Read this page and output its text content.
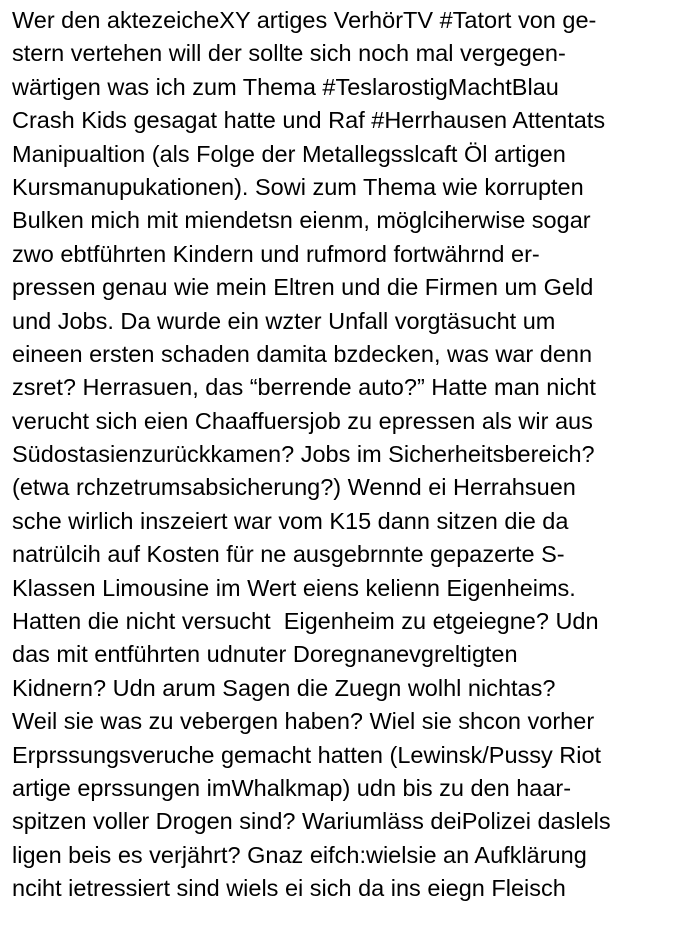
Wer den aktezeicheXY artiges VerhörTV #Tatort von ge-
stern vertehen will der sollte sich noch mal vergegen-
wärtigen was ich zum Thema #TeslarostigMachtBlau
Crash Kids gesagat hatte und Raf #Herrhausen Attentats
Manipualtion (als Folge der Metallegsslcaft Öl artigen
Kursmanupukationen). Sowi zum Thema wie korrupten
Bulken mich mit miendetsn eienm, möglciherwise sogar
zwo ebtführten Kindern und rufmord fortwährnd er-
pressen genau wie mein Eltren und die Firmen um Geld
und Jobs. Da wurde ein wzter Unfall vorgtäsucht um
eineen ersten schaden damita bzdecken, was war denn
zsret? Herrasuen, das “berrende auto?” Hatte man nicht
verucht sich eien Chaaffuersjob zu epressen als wir aus
Südostasienzurückkamen? Jobs im Sicherheitsbereich?
(etwa rchzetrumsabsicherung?) Wennd ei Herrahsuen
sche wirlich inszeiert war vom K15 dann sitzen die da
natrülcih auf Kosten für ne ausgebrnnte gepazerte S-
Klassen Limousine im Wert eiens kelienn Eigenheims.
Hatten die nicht versucht  Eigenheim zu etgeiegne? Udn
das mit entführten udnuter Doregnanevgreltigten
Kidnern? Udn arum Sagen die Zuegn wolhl nichtas?
Weil sie was zu vebergen haben? Wiel sie shcon vorher
Erprssungsveruche gemacht hatten (Lewinsk/Pussy Riot
artige eprssungen imWhalkmap) udn bis zu den haar-
spitzen voller Drogen sind? Wariumläss deiPolizei daslels
ligen beis es verjährt? Gnaz eifch:wielsie an Aufklärung
nciht ietressiert sind wiels ei sich da ins eiegn Fleisch
